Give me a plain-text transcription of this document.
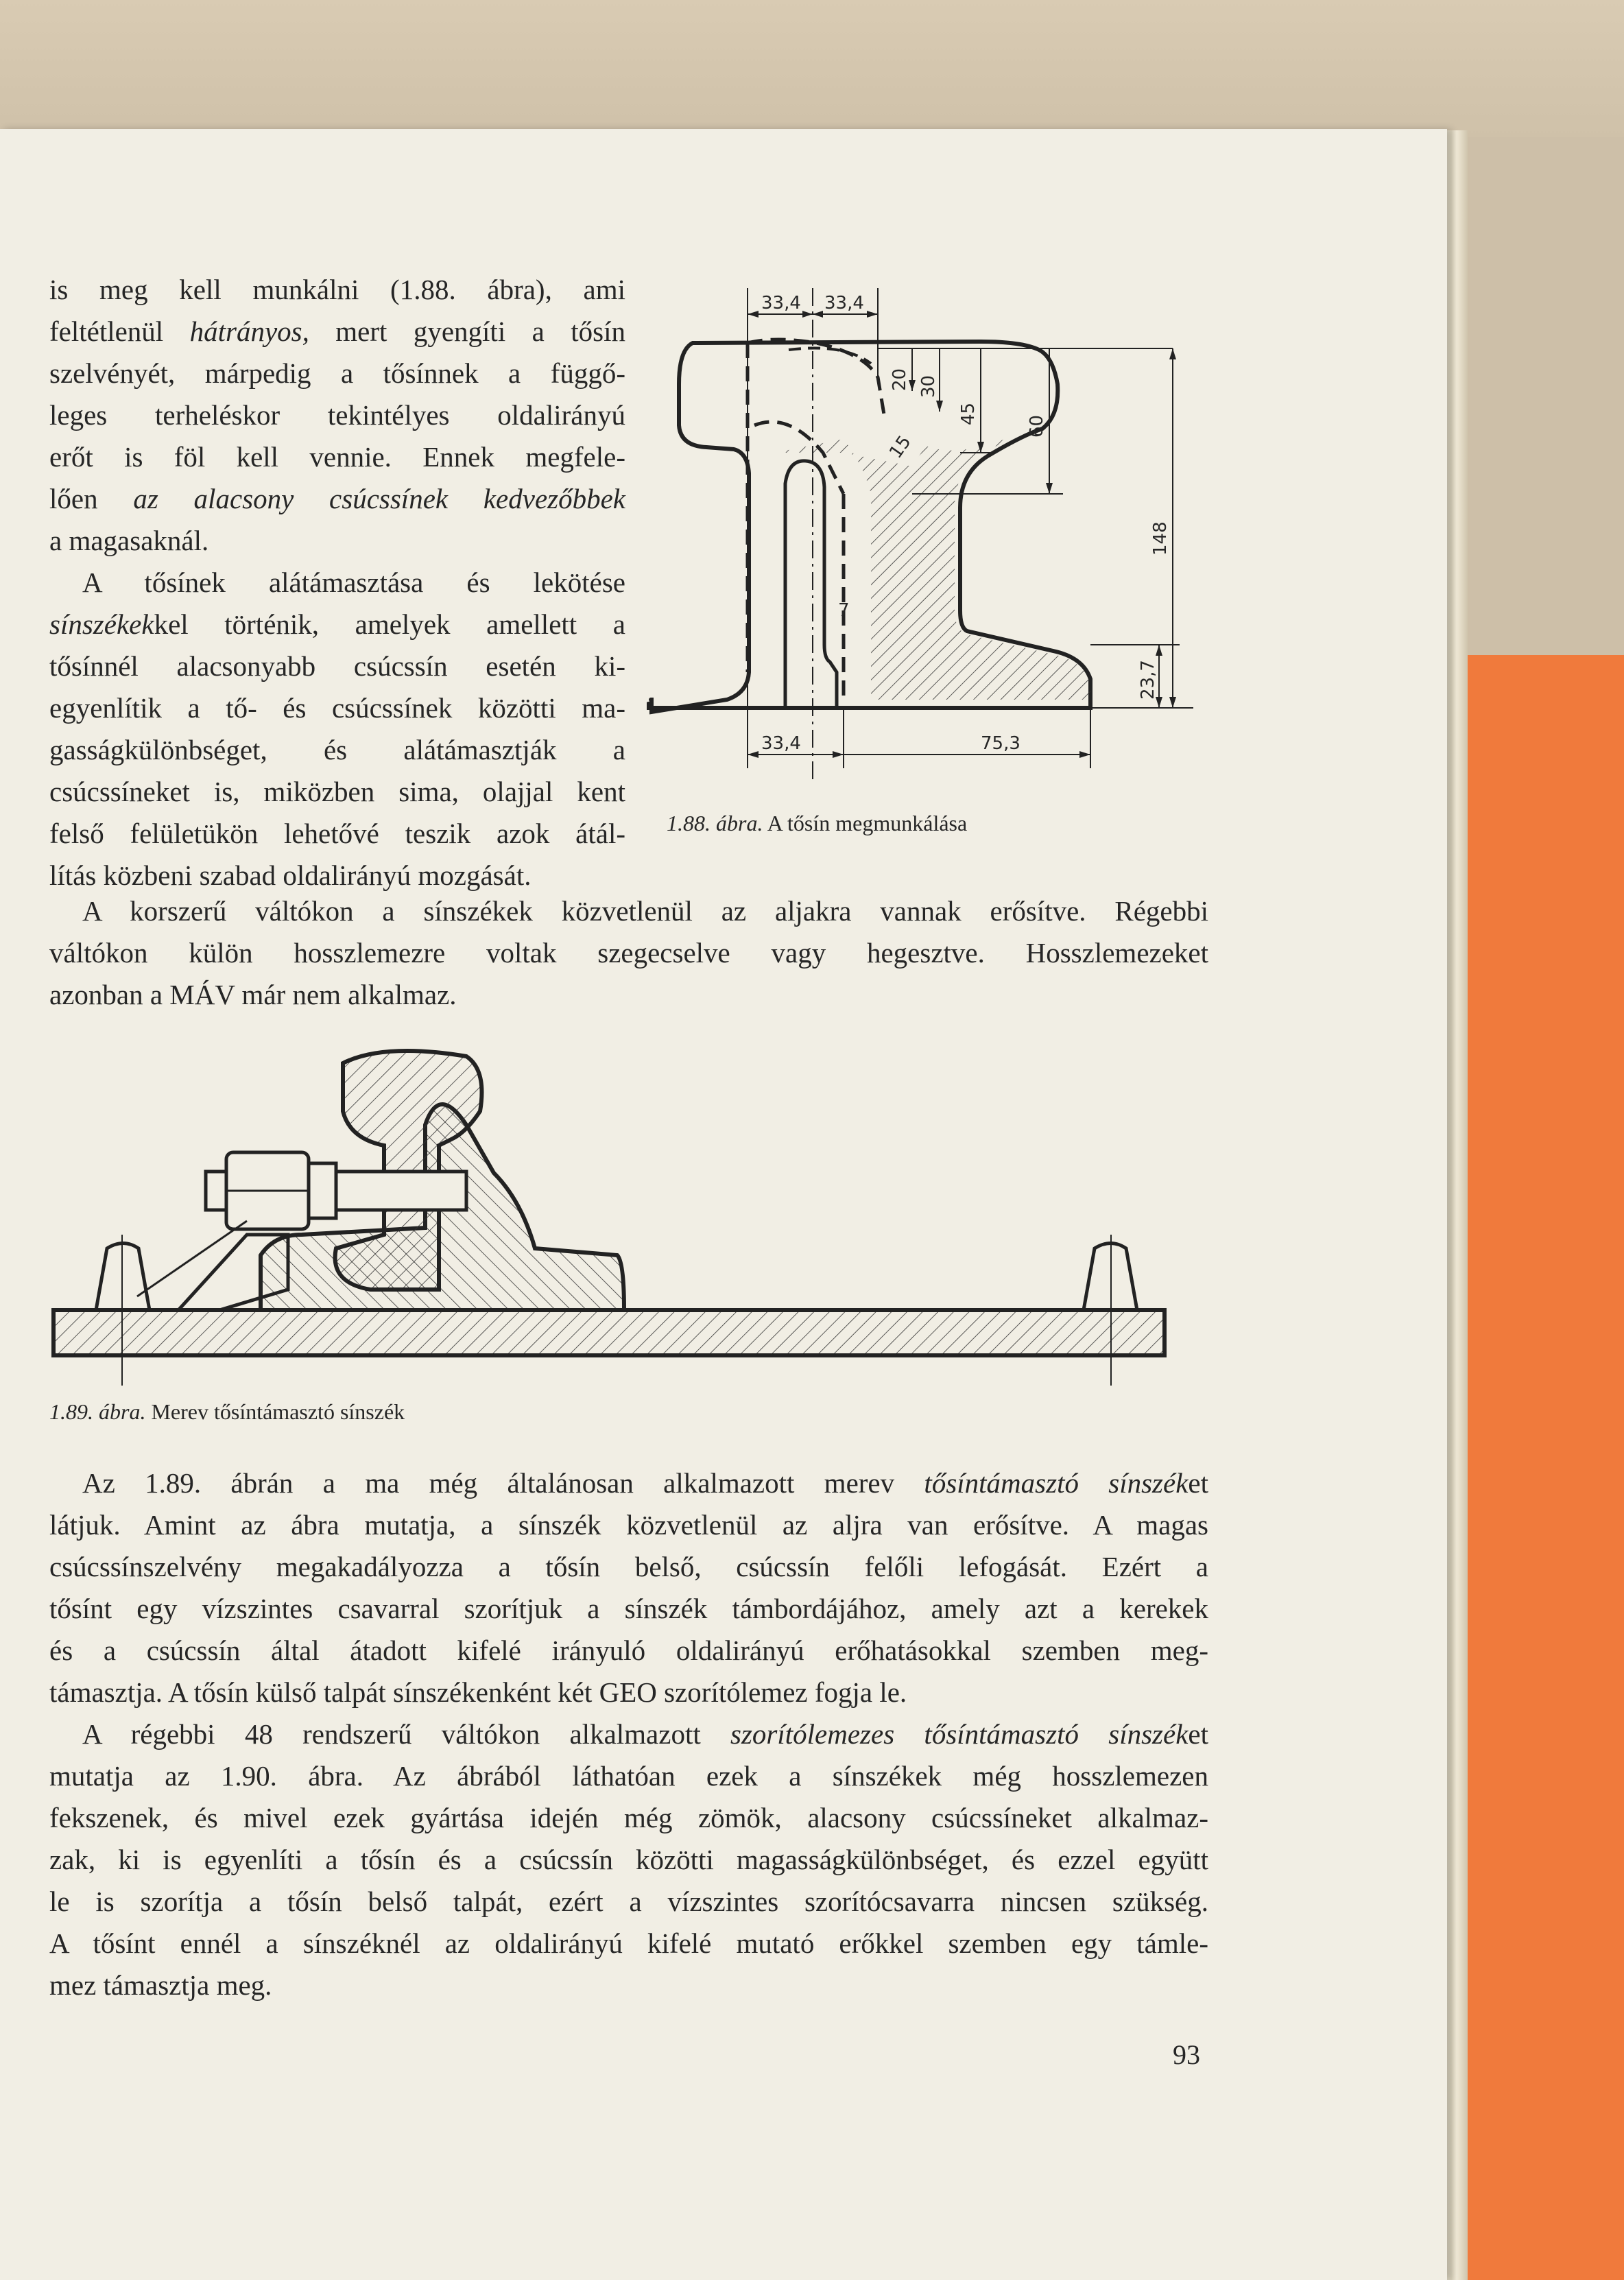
is meg kell munkálni (1.88. ábra), ami
feltétlenül hátrányos, mert gyengíti a tősín
szelvényét, márpedig a tősínnek a függő-
leges terheléskor tekintélyes oldalirányú
erőt is föl kell vennie. Ennek megfele-
lően az alacsony csúcssínek kedvezőbbek
a magasaknál.
A tősínek alátámasztása és lekötése
sínszékekkel történik, amelyek amellett a
tősínnél alacsonyabb csúcssín esetén ki-
egyenlítik a tő- és csúcssínek közötti ma-
gasságkülönbséget, és alátámasztják a
csúcssíneket is, miközben sima, olajjal kent
felső felületükön lehetővé teszik azok átál-
lítás közbeni szabad oldalirányú mozgását.
A korszerű váltókon a sínszékek közvetlenül az aljakra vannak erősítve. Régebbi
váltókon külön hosszlemezre voltak szegecselve vagy hegesztve. Hosszlemezeket
azonban a MÁV már nem alkalmaz.
Az 1.89. ábrán a ma még általánosan alkalmazott merev tősíntámasztó sínszéket
látjuk. Amint az ábra mutatja, a sínszék közvetlenül az aljra van erősítve. A magas
csúcssínszelvény megakadályozza a tősín belső, csúcssín felőli lefogását. Ezért a
tősínt egy vízszintes csavarral szorítjuk a sínszék támbordájához, amely azt a kerekek
és a csúcssín által átadott kifelé irányuló oldalirányú erőhatásokkal szemben meg-
támasztja. A tősín külső talpát sínszékenként két GEO szorítólemez fogja le.
A régebbi 48 rendszerű váltókon alkalmazott szorítólemezes tősíntámasztó sínszéket
mutatja az 1.90. ábra. Az ábrából láthatóan ezek a sínszékek még hosszlemezen
fekszenek, és mivel ezek gyártása idején még zömök, alacsony csúcssíneket alkalmaz-
zak, ki is egyenlíti a tősín és a csúcssín közötti magasságkülönbséget, és ezzel együtt
le is szorítja a tősín belső talpát, ezért a vízszintes szorítócsavarra nincsen szükség.
A tősínt ennél a sínszéknél az oldalirányú kifelé mutató erőkkel szemben egy támle-
mez támasztja meg.
33,4 33,4
20 30
45
60
148
23,7
15
7
33,4	75,3
1.88. ábra. A tősín megmunkálása
1.89. ábra. Merev tősíntámasztó sínszék
93
